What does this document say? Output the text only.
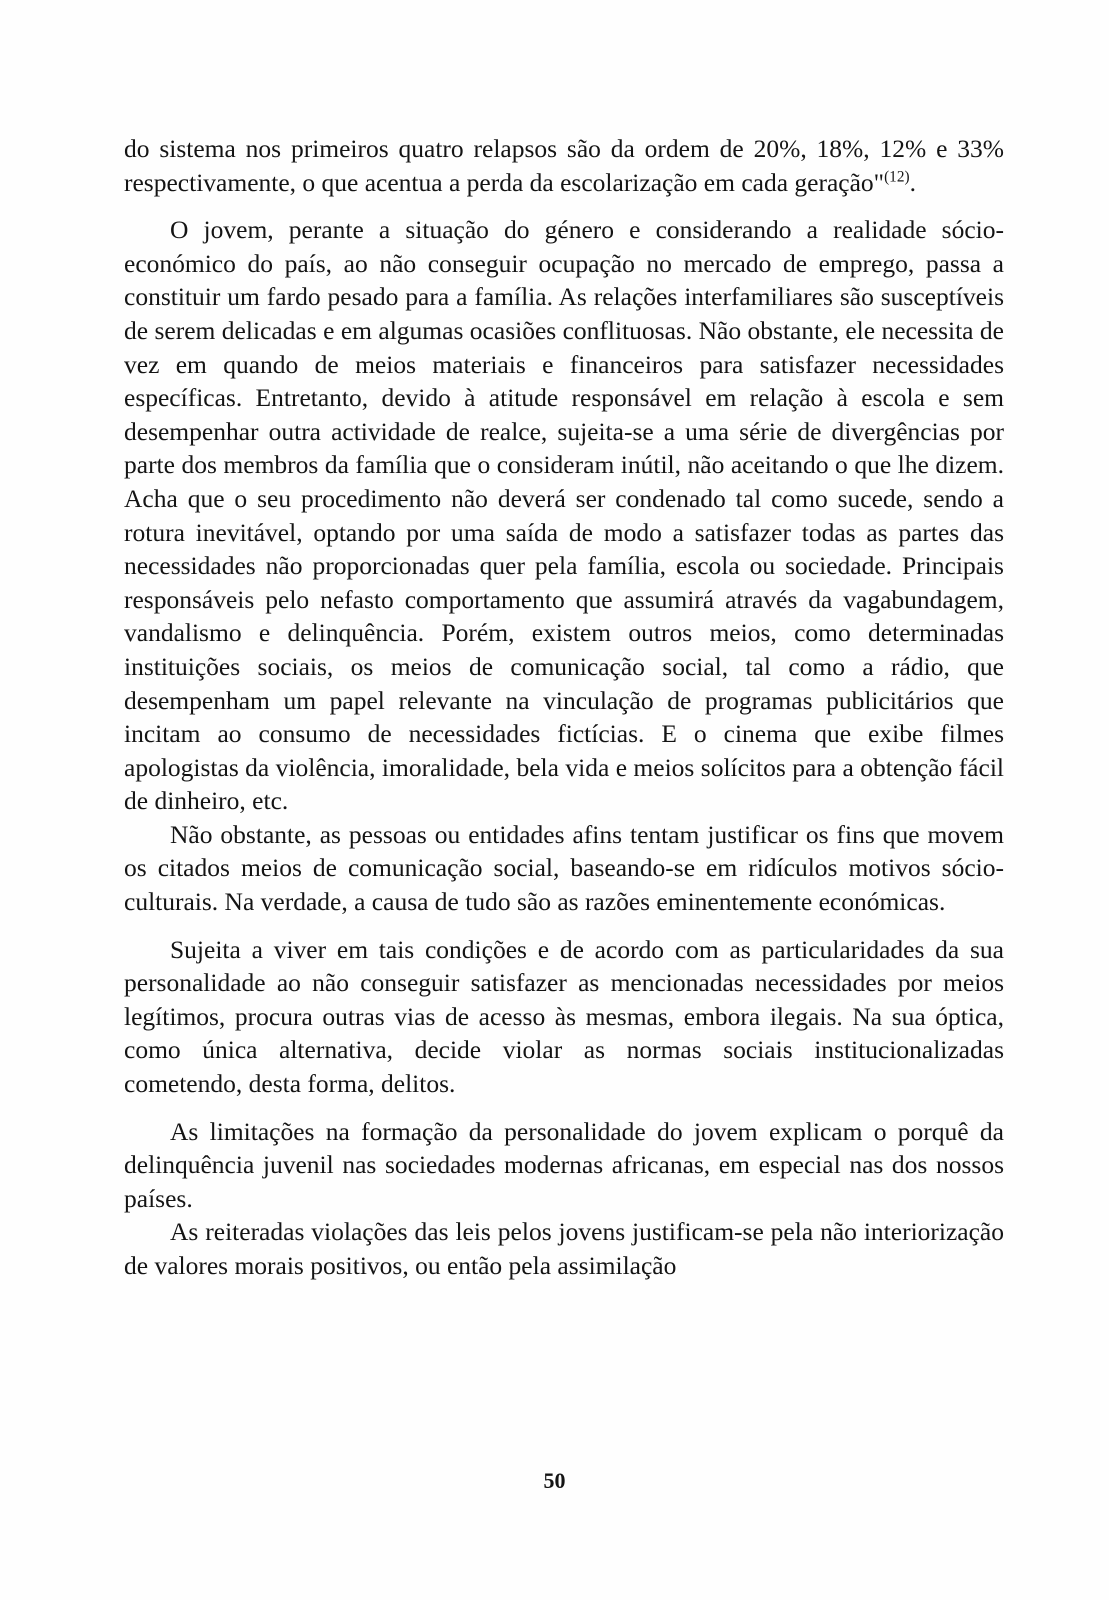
do sistema nos primeiros quatro relapsos são da ordem de 20%, 18%, 12% e 33% respectivamente, o que acentua a perda da escolarização em cada geração"$^{(12)}$.

O jovem, perante a situação do género e considerando a realidade sócio-económico do país, ao não conseguir ocupação no mercado de emprego, passa a constituir um fardo pesado para a família. As relações interfamiliares são susceptíveis de serem delicadas e em algumas ocasiões conflituosas. Não obstante, ele necessita de vez em quando de meios materiais e financeiros para satisfazer necessidades específicas. Entretanto, devido à atitude responsável em relação à escola e sem desempenhar outra actividade de realce, sujeita-se a uma série de divergências por parte dos membros da família que o consideram inútil, não aceitando o que lhe dizem. Acha que o seu procedimento não deverá ser condenado tal como sucede, sendo a rotura inevitável, optando por uma saída de modo a satisfazer todas as partes das necessidades não proporcionadas quer pela família, escola ou sociedade. Principais responsáveis pelo nefasto comportamento que assumirá através da vagabundagem, vandalismo e delinquência. Porém, existem outros meios, como determinadas instituições sociais, os meios de comunicação social, tal como a rádio, que desempenham um papel relevante na vinculação de programas publicitários que incitam ao consumo de necessidades fictícias. E o cinema que exibe filmes apologistas da violência, imoralidade, bela vida e meios solícitos para a obtenção fácil de dinheiro, etc.

Não obstante, as pessoas ou entidades afins tentam justificar os fins que movem os citados meios de comunicação social, baseando-se em ridículos motivos sócio-culturais. Na verdade, a causa de tudo são as razões eminentemente económicas.

Sujeita a viver em tais condições e de acordo com as particularidades da sua personalidade ao não conseguir satisfazer as mencionadas necessidades por meios legítimos, procura outras vias de acesso às mesmas, embora ilegais. Na sua óptica, como única alternativa, decide violar as normas sociais institucionalizadas cometendo, desta forma, delitos.

As limitações na formação da personalidade do jovem explicam o porquê da delinquência juvenil nas sociedades modernas africanas, em especial nas dos nossos países.

As reiteradas violações das leis pelos jovens justificam-se pela não interiorização de valores morais positivos, ou então pela assimilação

50
